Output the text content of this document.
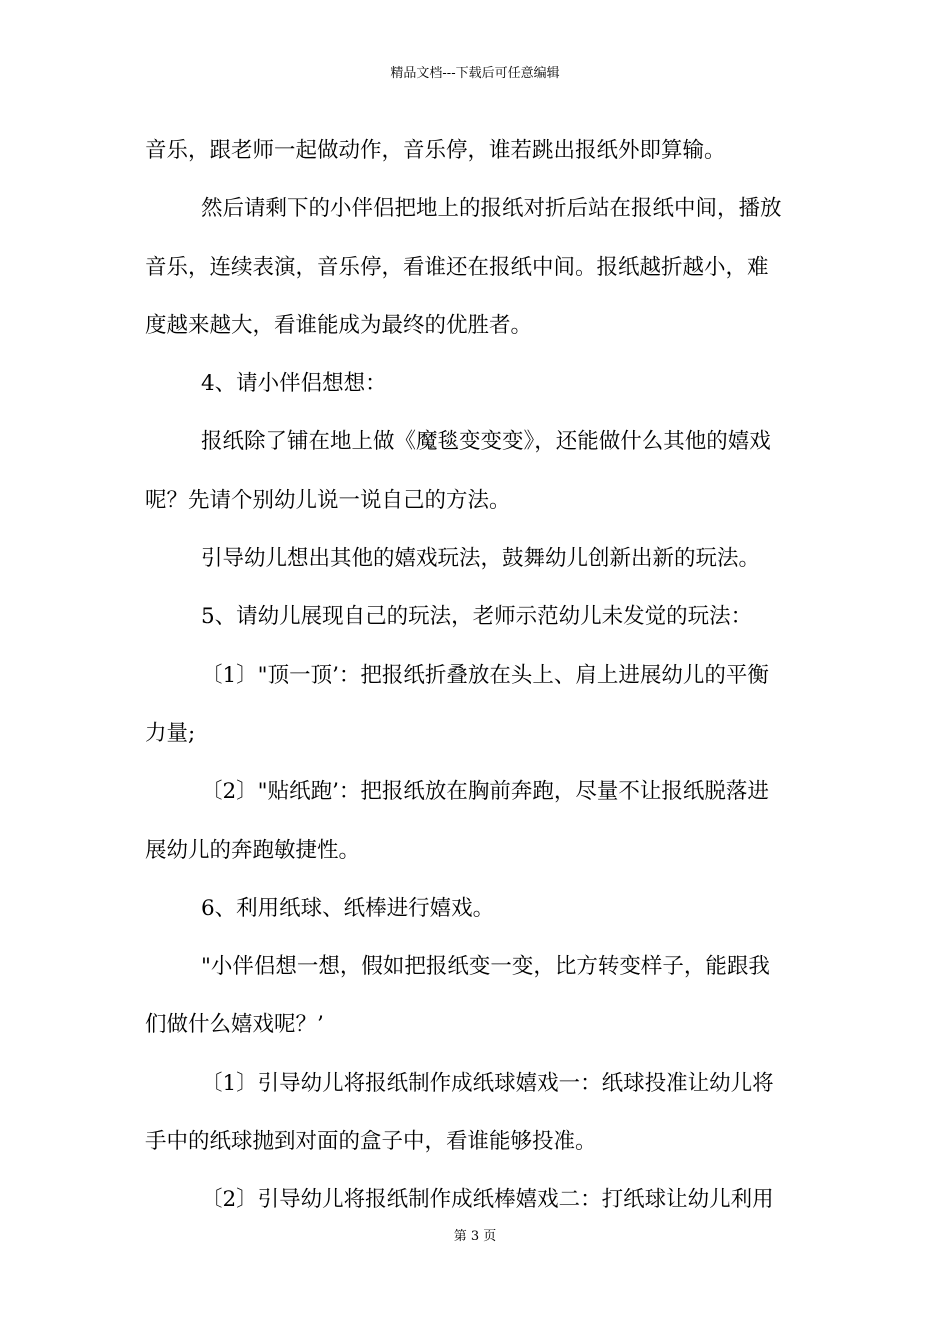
精品文档---下载后可任意编辑
音乐，跟老师一起做动作，音乐停，谁若跳出报纸外即算输。
然后请剩下的小伴侣把地上的报纸对折后站在报纸中间，播放
音乐，连续表演，音乐停，看谁还在报纸中间。报纸越折越小，难
度越来越大，看谁能成为最终的优胜者。
4、请小伴侣想想：
报纸除了铺在地上做《魔毯变变变》，还能做什么其他的嬉戏
呢？先请个别幼儿说一说自己的方法。
引导幼儿想出其他的嬉戏玩法，鼓舞幼儿创新出新的玩法。
5、请幼儿展现自己的玩法，老师示范幼儿未发觉的玩法：
〔1〕"顶一顶’：把报纸折叠放在头上、肩上进展幼儿的平衡
力量;
〔2〕"贴纸跑’：把报纸放在胸前奔跑，尽量不让报纸脱落进
展幼儿的奔跑敏捷性。
6、利用纸球、纸棒进行嬉戏。
"小伴侣想一想，假如把报纸变一变，比方转变样子，能跟我
们做什么嬉戏呢？’
〔1〕引导幼儿将报纸制作成纸球嬉戏一：纸球投准让幼儿将
手中的纸球抛到对面的盒子中，看谁能够投准。
〔2〕引导幼儿将报纸制作成纸棒嬉戏二：打纸球让幼儿利用
第 3 页
